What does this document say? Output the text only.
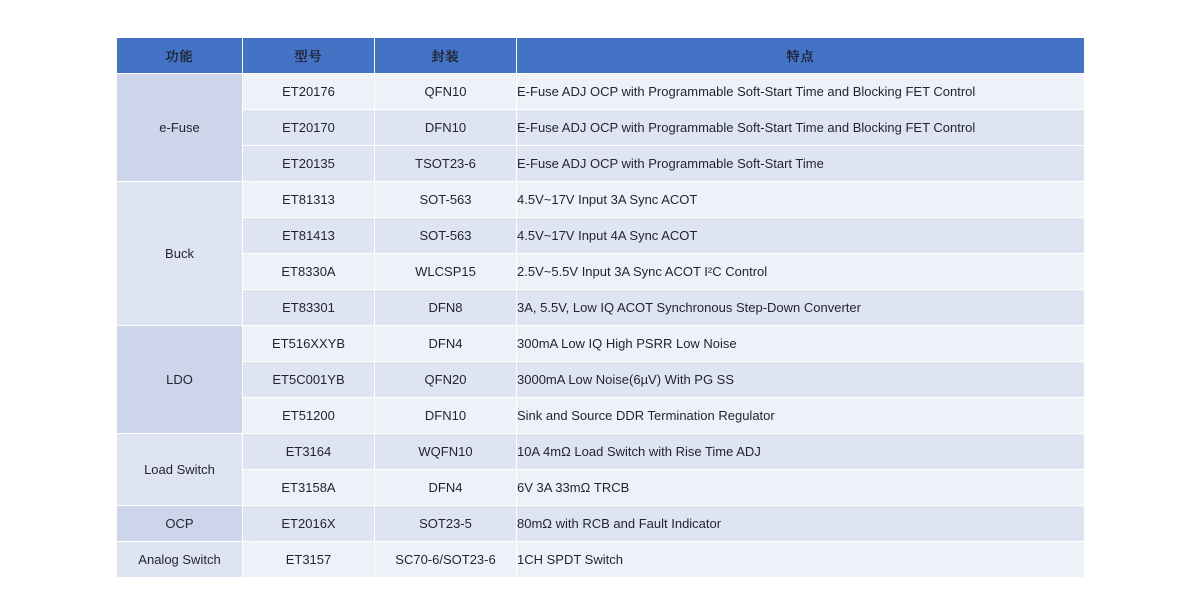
功能	型号	封装	特点
e-Fuse	ET20176	QFN10	E-Fuse ADJ OCP with Programmable Soft-Start Time and Blocking FET Control
	ET20170	DFN10	E-Fuse ADJ OCP with Programmable Soft-Start Time and Blocking FET Control
	ET20135	TSOT23-6	E-Fuse ADJ OCP with Programmable Soft-Start Time
Buck	ET81313	SOT-563	4.5V~17V Input 3A Sync ACOT
	ET81413	SOT-563	4.5V~17V Input 4A Sync ACOT
	ET8330A	WLCSP15	2.5V~5.5V Input 3A Sync ACOT I²C Control
	ET83301	DFN8	3A, 5.5V, Low IQ ACOT Synchronous Step-Down Converter
LDO	ET516XXYB	DFN4	300mA Low IQ High PSRR Low Noise
	ET5C001YB	QFN20	3000mA Low Noise(6µV) With PG SS
	ET51200	DFN10	Sink and Source DDR Termination Regulator
Load Switch	ET3164	WQFN10	10A 4mΩ Load Switch with Rise Time ADJ
	ET3158A	DFN4	6V 3A 33mΩ TRCB
OCP	ET2016X	SOT23-5	80mΩ with RCB and Fault Indicator
Analog Switch	ET3157	SC70-6/SOT23-6	1CH SPDT Switch
